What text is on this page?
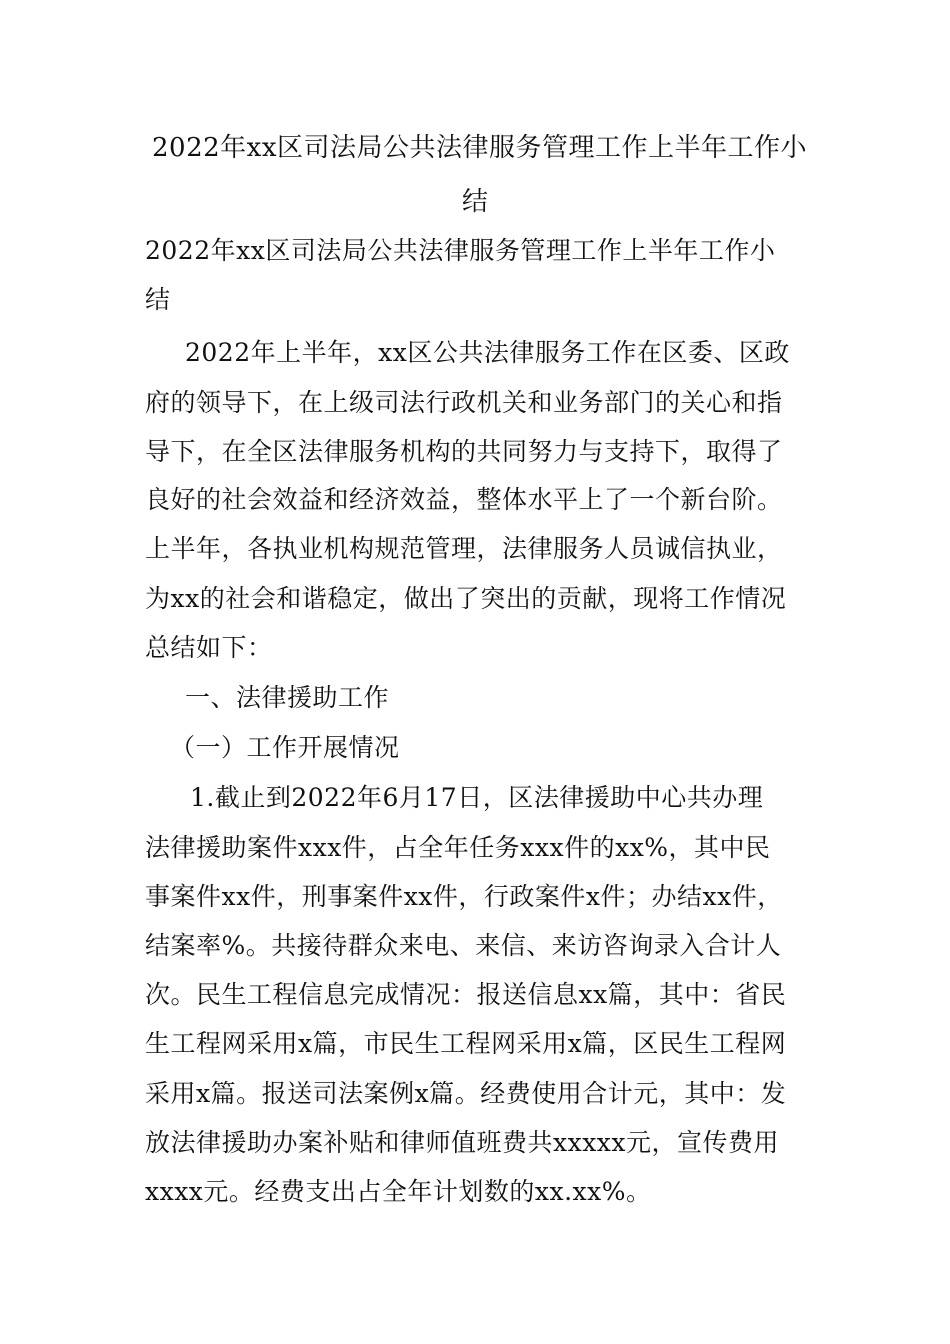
2022年xx区司法局公共法律服务管理工作上半年工作小
结
2022年xx区司法局公共法律服务管理工作上半年工作小
结
2022年上半年，xx区公共法律服务工作在区委、区政
府的领导下，在上级司法行政机关和业务部门的关心和指
导下，在全区法律服务机构的共同努力与支持下，取得了
良好的社会效益和经济效益，整体水平上了一个新台阶。
上半年，各执业机构规范管理，法律服务人员诚信执业，
为xx的社会和谐稳定，做出了突出的贡献，现将工作情况
总结如下：
一、法律援助工作
（一）工作开展情况
1.截止到2022年6月17日，区法律援助中心共办理
法律援助案件xxx件，占全年任务xxx件的xx%，其中民
事案件xx件，刑事案件xx件，行政案件x件；办结xx件，
结案率%。共接待群众来电、来信、来访咨询录入合计人
次。民生工程信息完成情况：报送信息xx篇，其中：省民
生工程网采用x篇，市民生工程网采用x篇，区民生工程网
采用x篇。报送司法案例x篇。经费使用合计元，其中：发
放法律援助办案补贴和律师值班费共xxxxx元，宣传费用
xxxx元。经费支出占全年计划数的xx.xx%。
